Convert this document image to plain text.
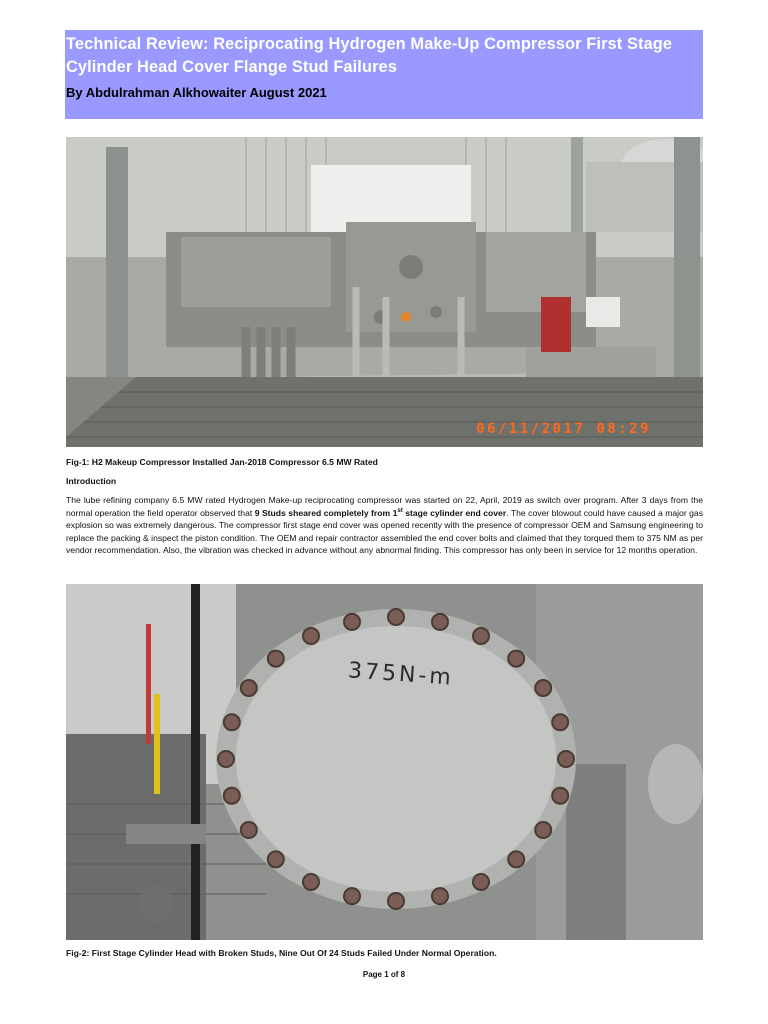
Technical Review: Reciprocating Hydrogen Make-Up Compressor First Stage Cylinder Head Cover Flange Stud Failures
By Abdulrahman Alkhowaiter August 2021
06/11/2017 08:29
Fig-1: H2 Makeup Compressor Installed Jan-2018 Compressor 6.5 MW Rated
Introduction

The lube refining company 6.5 MW rated Hydrogen Make-up reciprocating compressor was started on 22, April, 2019 as switch over program. After 3 days from the normal operation the field operator observed that 9 Studs sheared completely from 1st stage cylinder end cover. The cover blowout could have caused a major gas explosion so was extremely dangerous. The compressor first stage end cover was opened recently with the presence of compressor OEM and Samsung engineering to replace the packing & inspect the piston condition. The OEM and repair contractor assembled the end cover bolts and claimed that they torqued them to 375 NM as per vendor recommendation. Also, the vibration was checked in advance without any abnormal finding. This compressor has only been in service for 12 months operation.

375N-m
Fig-2: First Stage Cylinder Head with Broken Studs, Nine Out Of 24 Studs Failed Under Normal Operation.
Page 1 of 8
